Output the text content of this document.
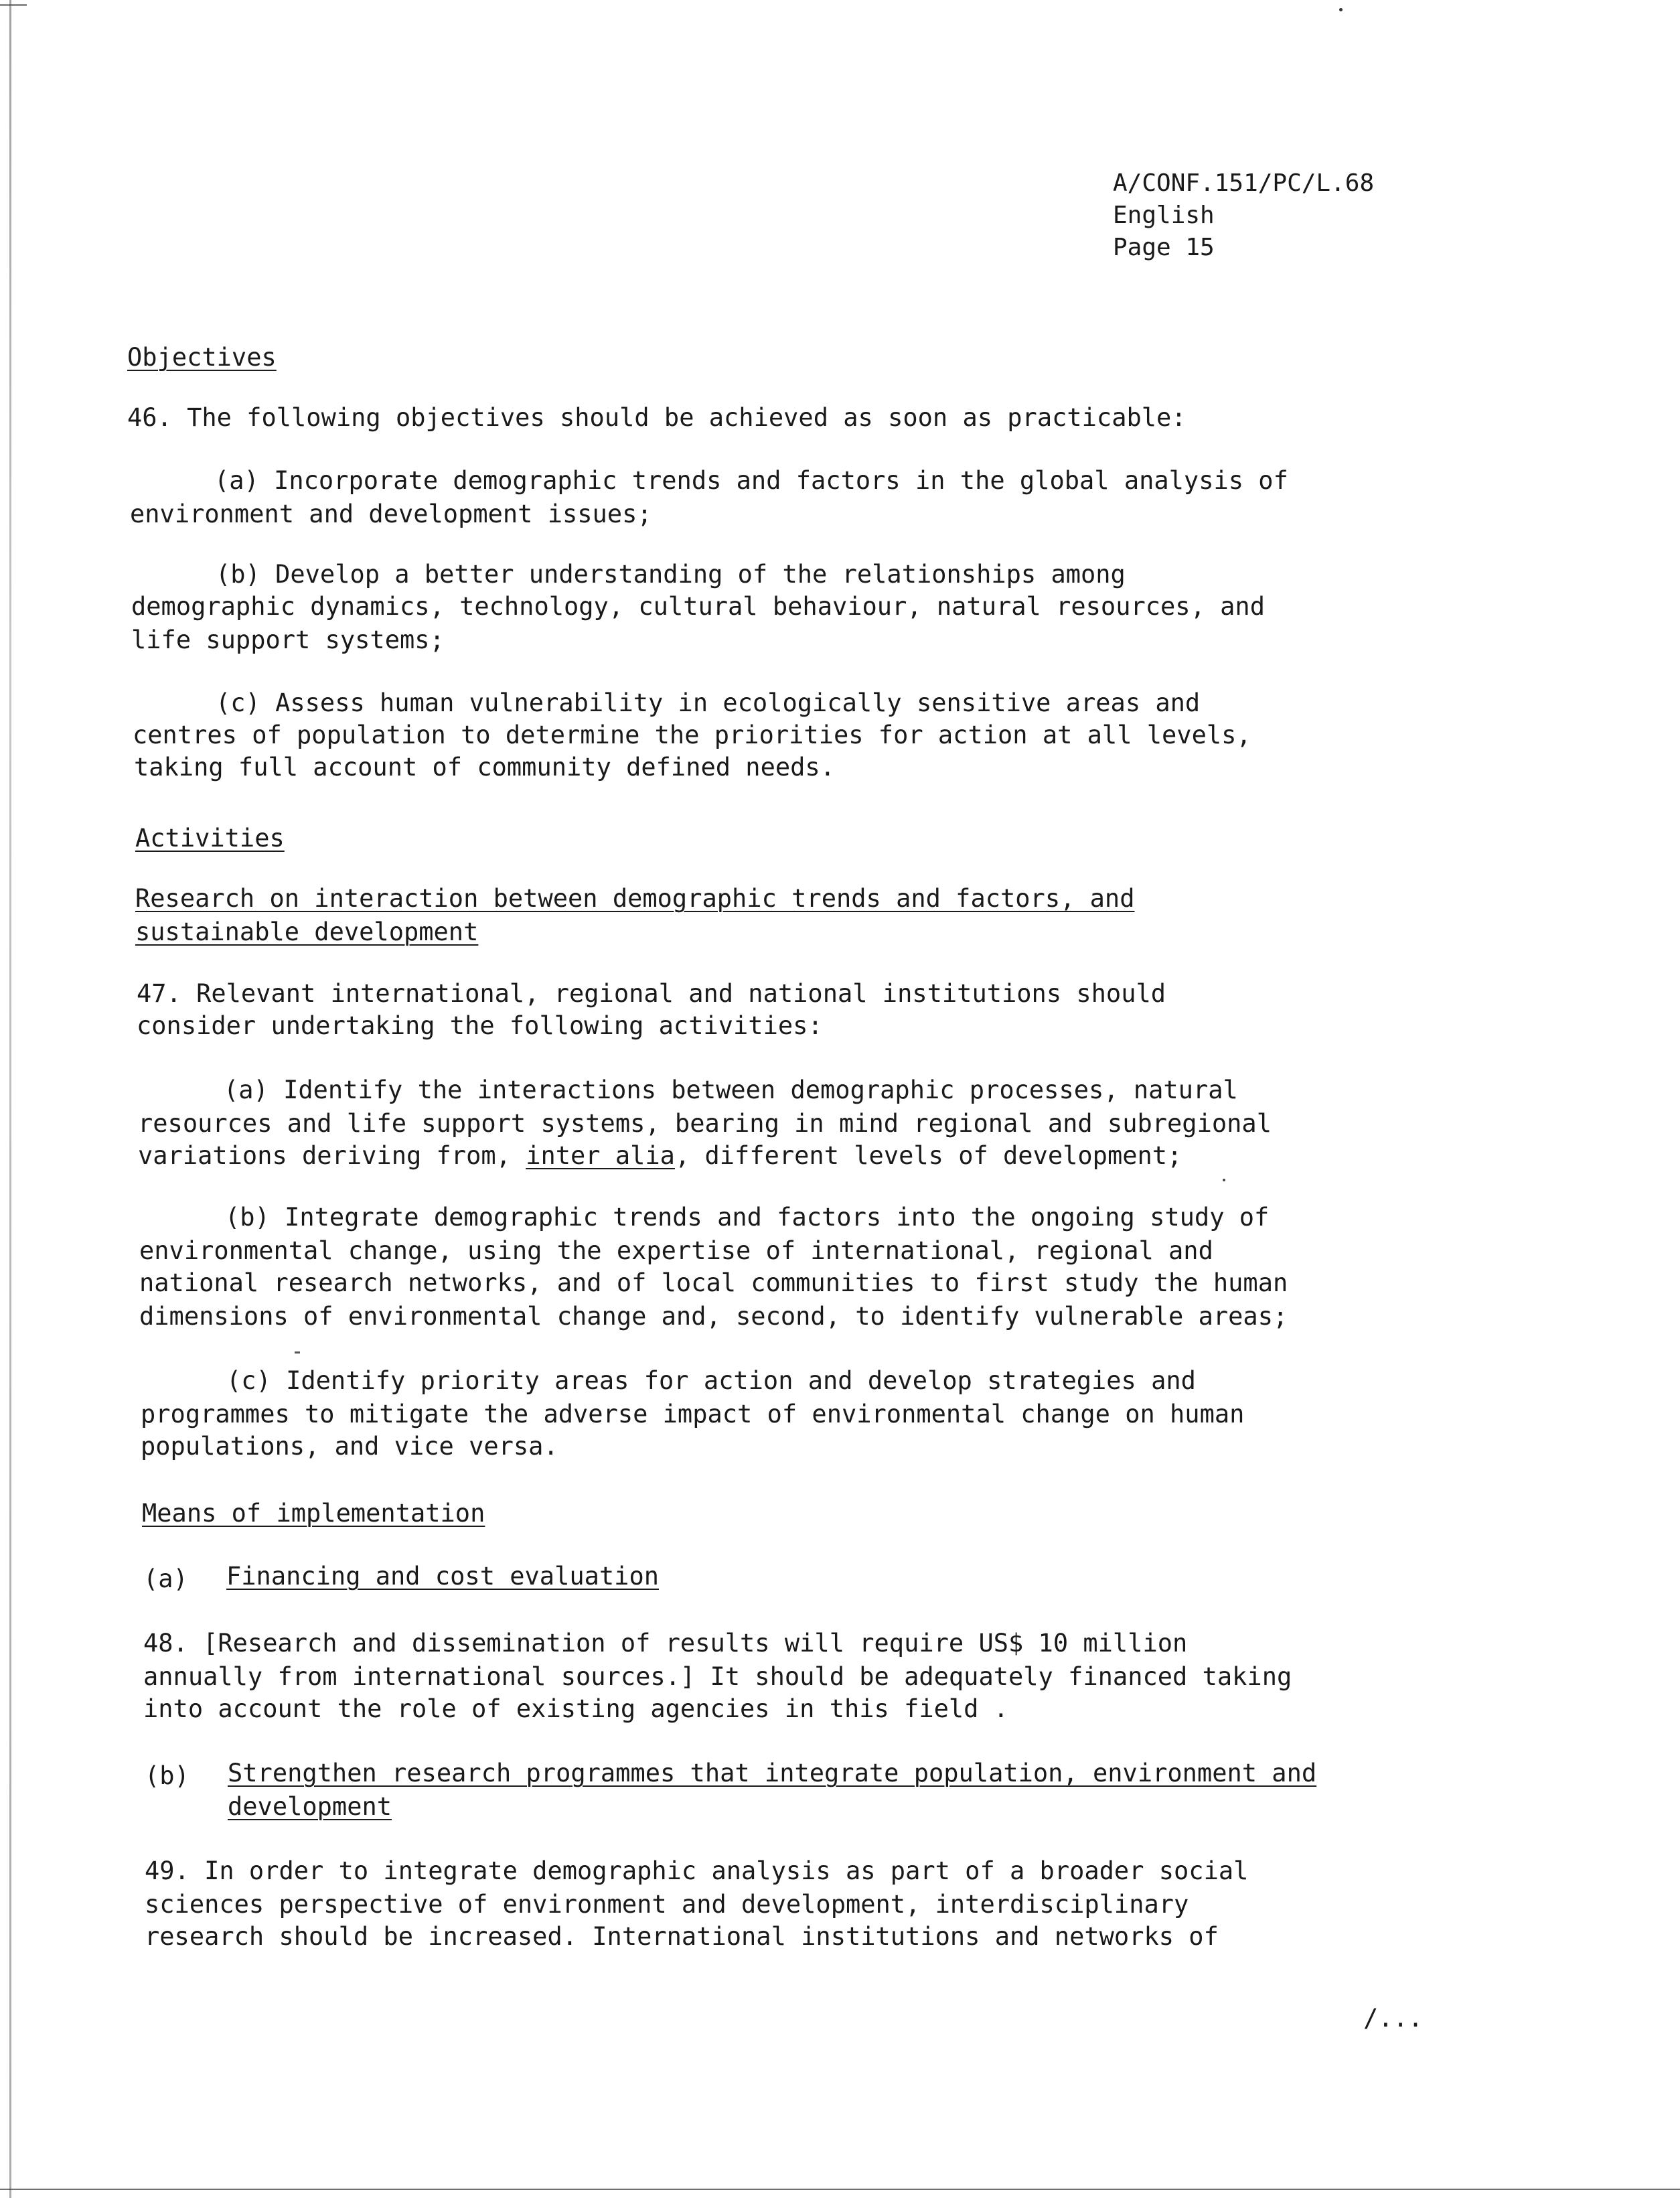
A/CONF.151/PC/L.68
English
Page 15

Objectives

46. The following objectives should be achieved as soon as practicable:

(a) Incorporate demographic trends and factors in the global analysis of

environment and development issues;

(b) Develop a better understanding of the relationships among

demographic dynamics, technology, cultural behaviour, natural resources, and

life support systems;

(c) Assess human vulnerability in ecologically sensitive areas and

centres of population to determine the priorities for action at all levels,

taking full account of community defined needs.

Activities

Research on interaction between demographic trends and factors, and

sustainable development

47. Relevant international, regional and national institutions should

consider undertaking the following activities:

(a) Identify the interactions between demographic processes, natural

resources and life support systems, bearing in mind regional and subregional

variations deriving from, inter alia, different levels of development;

(b) Integrate demographic trends and factors into the ongoing study of

environmental change, using the expertise of international, regional and

national research networks, and of local communities to first study the human

dimensions of environmental change and, second, to identify vulnerable areas;

(c) Identify priority areas for action and develop strategies and

programmes to mitigate the adverse impact of environmental change on human

populations, and vice versa.

Means of implementation

(a) Financing and cost evaluation

48. [Research and dissemination of results will require US$ 10 million

annually from international sources.] It should be adequately financed taking

into account the role of existing agencies in this field .

(b) Strengthen research programmes that integrate population, environment and

development

49. In order to integrate demographic analysis as part of a broader social

sciences perspective of environment and development, interdisciplinary

research should be increased. International institutions and networks of

/...
